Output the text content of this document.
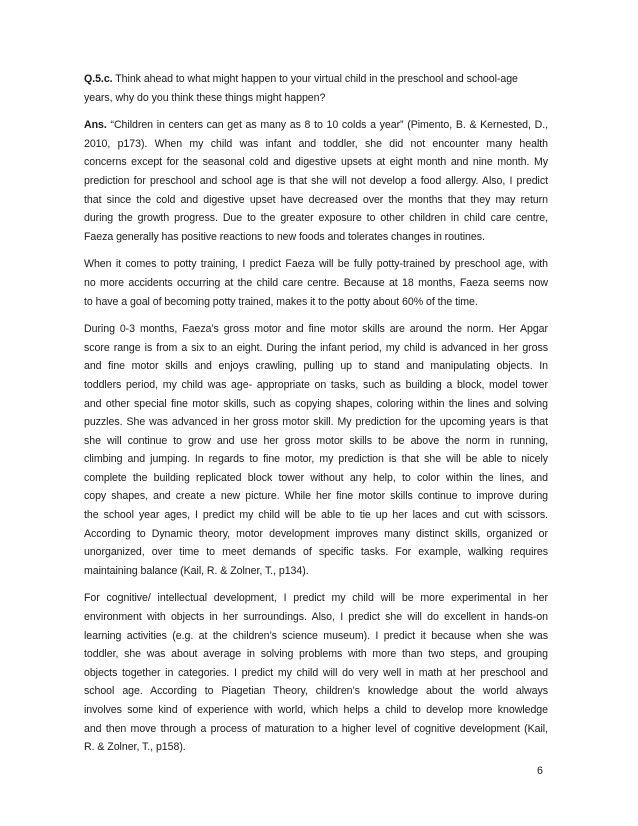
Q.5.c. Think ahead to what might happen to your virtual child in the preschool and school-age
years, why do you think these things might happen?

Ans. “Children in centers can get as many as 8 to 10 colds a year” (Pimento, B. & Kernested, D.,
2010, p173). When my child was infant and toddler, she did not encounter many health
concerns except for the seasonal cold and digestive upsets at eight month and nine month. My
prediction for preschool and school age is that she will not develop a food allergy. Also, I predict
that since the cold and digestive upset have decreased over the months that they may return
during the growth progress. Due to the greater exposure to other children in child care centre,
Faeza generally has positive reactions to new foods and tolerates changes in routines.

When it comes to potty training, I predict Faeza will be fully potty-trained by preschool age, with
no more accidents occurring at the child care centre. Because at 18 months, Faeza seems now
to have a goal of becoming potty trained, makes it to the potty about 60% of the time.

During 0-3 months, Faeza’s gross motor and fine motor skills are around the norm. Her Apgar
score range is from a six to an eight. During the infant period, my child is advanced in her gross
and fine motor skills and enjoys crawling, pulling up to stand and manipulating objects. In
toddlers period, my child was age- appropriate on tasks, such as building a block, model tower
and other special fine motor skills, such as copying shapes, coloring within the lines and solving
puzzles. She was advanced in her gross motor skill. My prediction for the upcoming years is that
she will continue to grow and use her gross motor skills to be above the norm in running,
climbing and jumping. In regards to fine motor, my prediction is that she will be able to nicely
complete the building replicated block tower without any help, to color within the lines, and
copy shapes, and create a new picture. While her fine motor skills continue to improve during
the school year ages, I predict my child will be able to tie up her laces and cut with scissors.
According to Dynamic theory, motor development improves many distinct skills, organized or
unorganized, over time to meet demands of specific tasks. For example, walking requires
maintaining balance (Kail, R. & Zolner, T., p134).

For cognitive/ intellectual development, I predict my child will be more experimental in her
environment with objects in her surroundings. Also, I predict she will do excellent in hands-on
learning activities (e.g. at the children’s science museum). I predict it because when she was
toddler, she was about average in solving problems with more than two steps, and grouping
objects together in categories. I predict my child will do very well in math at her preschool and
school age. According to Piagetian Theory, children’s knowledge about the world always
involves some kind of experience with world, which helps a child to develop more knowledge
and then move through a process of maturation to a higher level of cognitive development (Kail,
R. & Zolner, T., p158).

6
